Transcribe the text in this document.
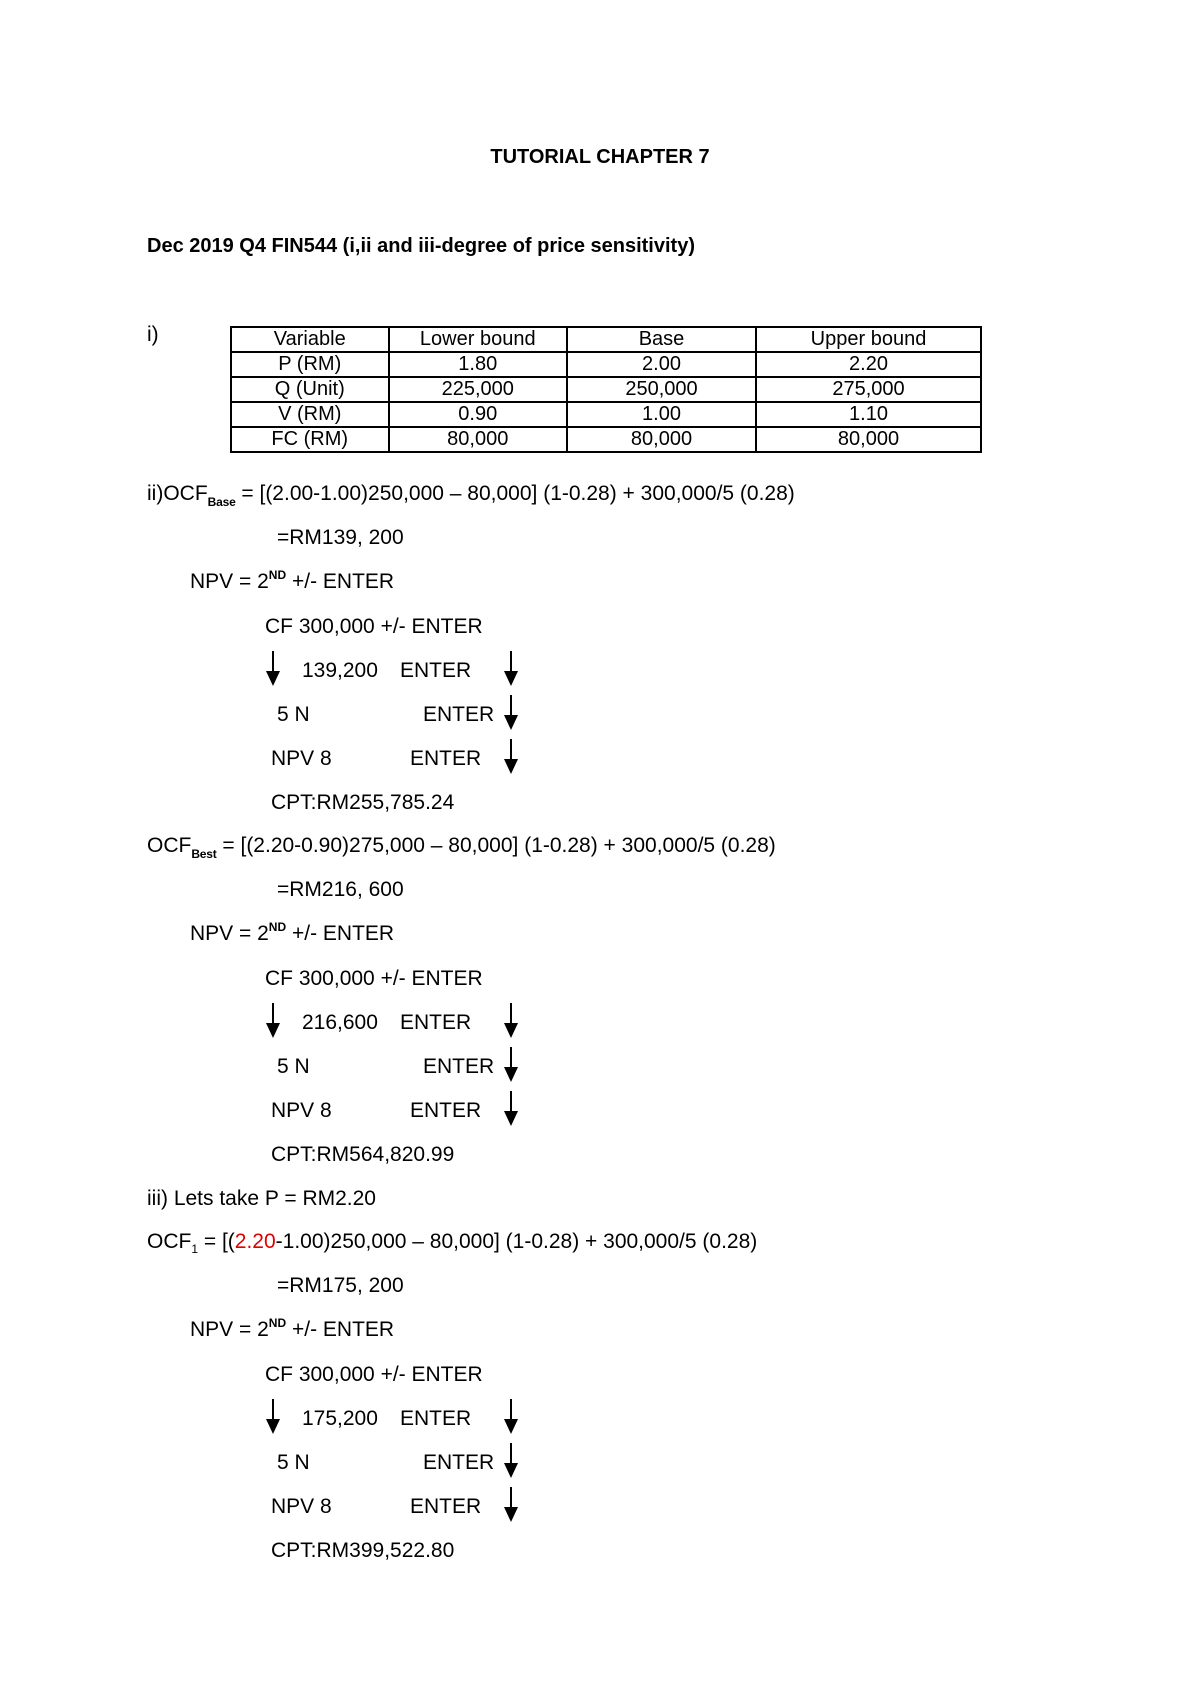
TUTORIAL CHAPTER 7
Dec 2019 Q4 FIN544 (i,ii and iii-degree of price sensitivity)
i)	Variable	Lower bound	Base	Upper bound
P (RM)	1.80	2.00	2.20
Q (Unit)	225,000	250,000	275,000
V (RM)	0.90	1.00	1.10
FC (RM)	80,000	80,000	80,000
$ii)OCF_{Base} = [(2.00-1.00)250,000 - 80,000] (1-0.28) + 300,000/5$ (0.28)
=RM139, 200
NPV = 2ND +/- ENTER
CF 300,000 +/- ENTER
139,200 ENTER
5 N	ENTER
NPV 8	ENTER
CPT:RM255,785.24
$OCF_{Best} = [(2.20-0.90)275,000 - 80,000] (1-0.28) + 300,000/5$ (0.28)
=RM216, 600
NPV = 2ND +/- ENTER
CF 300,000 +/- ENTER
216,600 ENTER
5 N	ENTER
NPV 8	ENTER
CPT:RM564,820.99
iii) Lets take P = RM2.20
$OCF_1 = [(2.20-1.00)250,000 - 80,000] (1-0.28) + 300,000/5$ (0.28)
=RM175, 200
NPV = 2ND +/- ENTER
CF 300,000 +/- ENTER
175,200 ENTER
5 N	ENTER
NPV 8	ENTER
CPT:RM399,522.80
